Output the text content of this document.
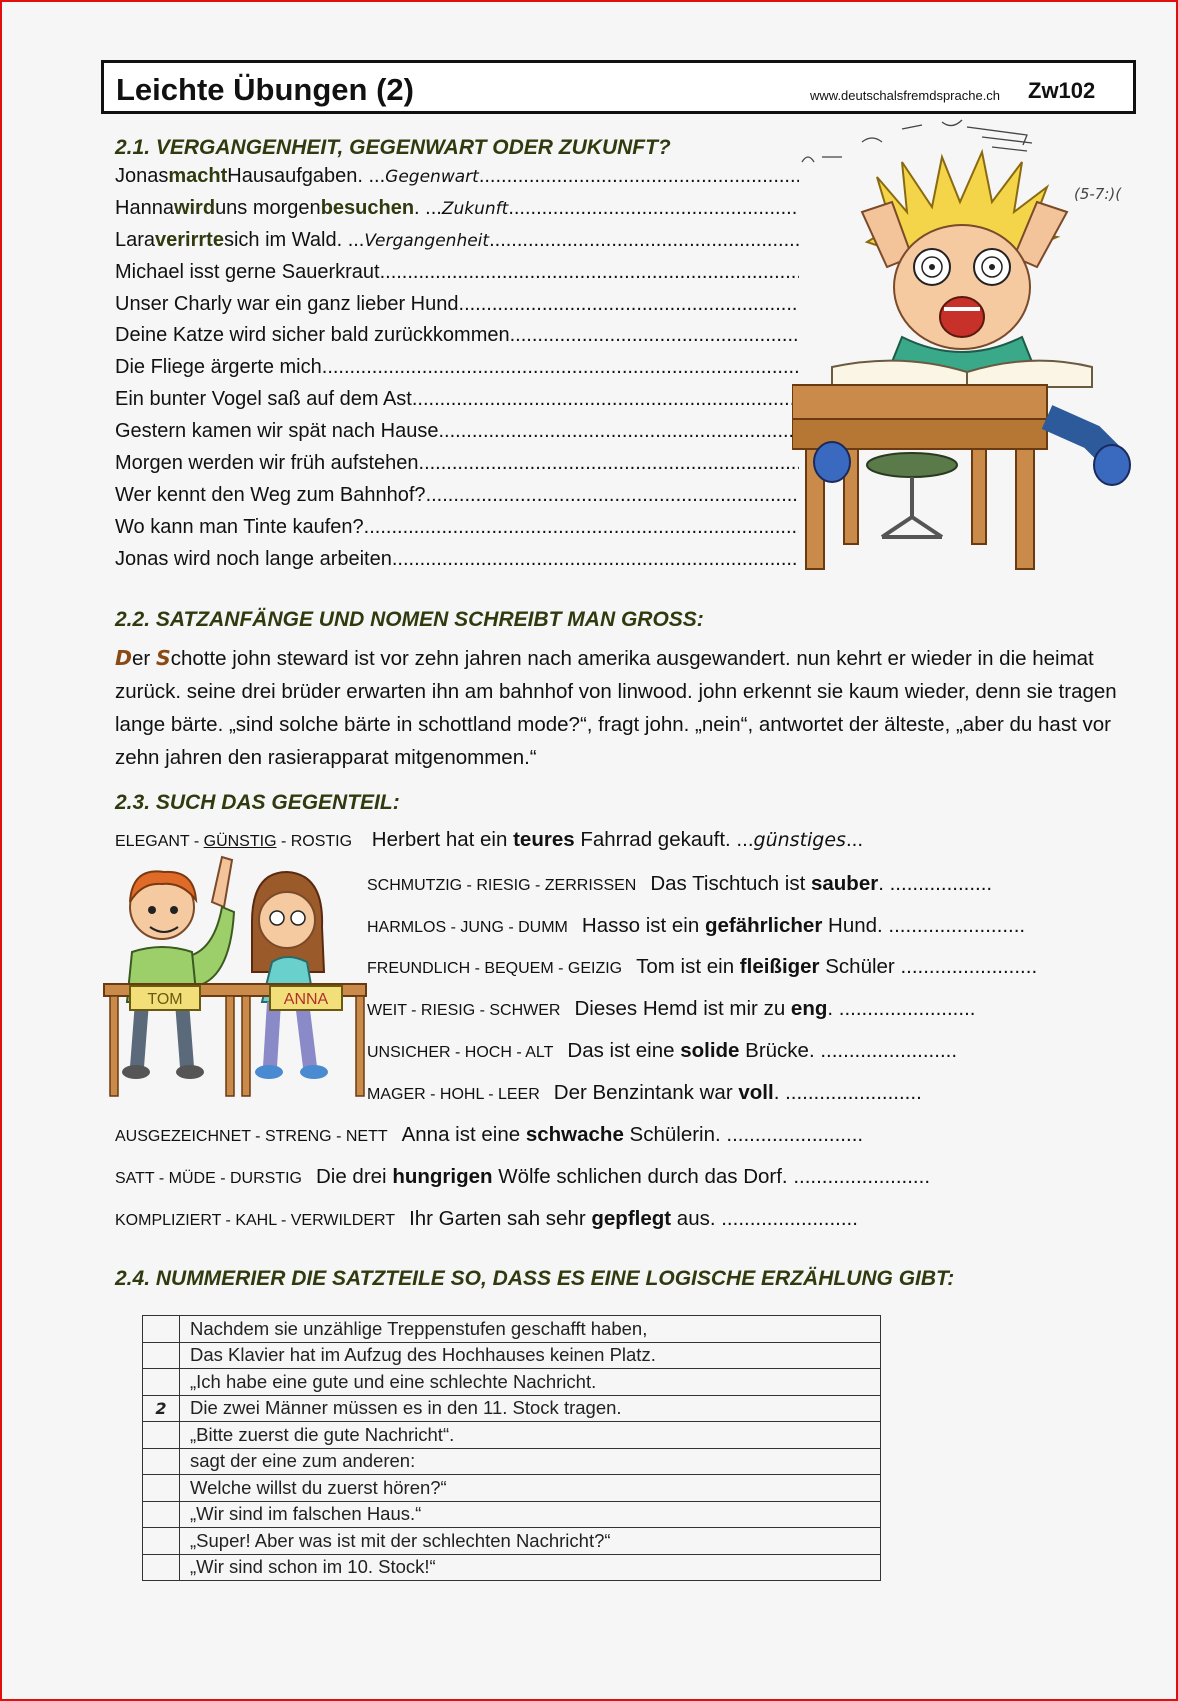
Leichte Übungen (2)	www.deutschalsfremdsprache.ch Zw102
2.1. VERGANGENHEIT, GEGENWART ODER ZUKUNFT?
Jonas macht Hausaufgaben. ... Gegenwart
.....
Hanna wird uns morgen besuchen . ... Zukunft
.....
Lara verirrte sich im Wald. ... Vergangenheit
.....
Michael isst gerne Sauerkraut.
.....
Unser Charly war ein ganz lieber Hund.
.....
Deine Katze wird sicher bald zurückkommen.
.....
Die Fliege ärgerte mich.
.....
Ein bunter Vogel saß auf dem Ast.
.....
Gestern kamen wir spät nach Hause.
.....
Morgen werden wir früh aufstehen.
.....
Wer kennt den Weg zum Bahnhof?
.....
Wo kann man Tinte kaufen?
.....
Jonas wird noch lange arbeiten.
.....
(5-7:)(
2.2. SATZANFÄNGE UND NOMEN SCHREIBT MAN GROSS:
Der Schotte john steward ist vor zehn jahren nach amerika ausgewandert. nun kehrt er wieder in die heimat zurück. seine drei brüder erwarten ihn am bahnhof von linwood. john erkennt sie kaum wieder, denn sie tragen lange bärte. „sind solche bärte in schottland mode?“, fragt john. „nein“, antwortet der älteste, „aber du hast vor zehn jahren den rasierapparat mitgenommen.“
2.3. SUCH DAS GEGENTEIL:
ELEGANT - GÜNSTIG - ROSTIG Herbert hat ein teures Fahrrad gekauft. ...günstiges...
SCHMUTZIG - RIESIG - ZERRISSEN Das Tischtuch ist sauber. ..................
HARMLOS - JUNG - DUMM Hasso ist ein gefährlicher Hund. ........................
FREUNDLICH - BEQUEM - GEIZIG Tom ist ein fleißiger Schüler ........................
WEIT - RIESIG - SCHWER Dieses Hemd ist mir zu eng. ........................
UNSICHER - HOCH - ALT Das ist eine solide Brücke. ........................
MAGER - HOHL - LEER Der Benzintank war voll. ........................
AUSGEZEICHNET - STRENG - NETT Anna ist eine schwache Schülerin. ........................
SATT - MÜDE - DURSTIG Die drei hungrigen Wölfe schlichen durch das Dorf. ........................
KOMPLIZIERT - KAHL - VERWILDERT Ihr Garten sah sehr gepflegt aus. ........................
TOM	ANNA
2.4. NUMMERIER DIE SATZTEILE SO, DASS ES EINE LOGISCHE ERZÄHLUNG GIBT:
	Nachdem sie unzählige Treppenstufen geschafft haben,
	Das Klavier hat im Aufzug des Hochhauses keinen Platz.
	„Ich habe eine gute und eine schlechte Nachricht.
2	Die zwei Männer müssen es in den 11. Stock tragen.
	„Bitte zuerst die gute Nachricht“.
	sagt der eine zum anderen:
	Welche willst du zuerst hören?“
	„Wir sind im falschen Haus.“
	„Super! Aber was ist mit der schlechten Nachricht?“
	„Wir sind schon im 10. Stock!“
